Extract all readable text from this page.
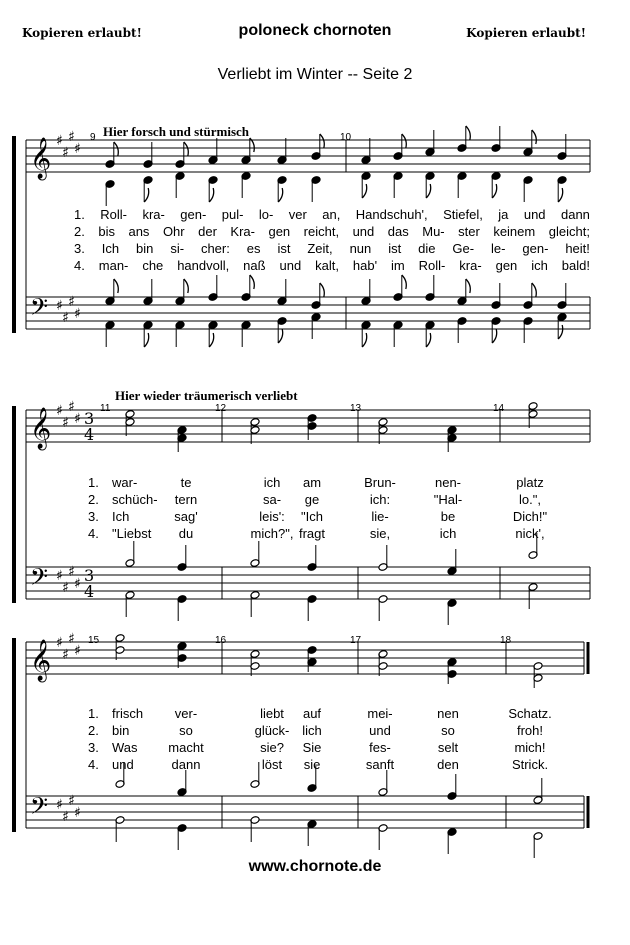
Kopieren erlaubt!	poloneck chornoten	Kopieren erlaubt!
Verliebt im Winter -- Seite 2
𝄞
𝄢
♯
♯
♯
♯
♯
♯
♯
♯
𝄞
𝄢
♯
♯
♯
♯
♯
♯
♯
♯
3
3
4
4
𝄞
𝄢
♯
♯
♯
♯
♯
♯
♯
♯
Hier forsch und stürmisch
9	10
1. Roll- kra- gen- pul- lo- ver an, Handschuh', Stiefel, ja und dann
2. bis ans Ohr der Kra- gen reicht, und das Mu- ster keinem gleicht;
3. Ich bin si- cher: es ist Zeit, nun ist die Ge- le- gen- heit!
4. man- che handvoll, naß und kalt, hab' im Roll- kra- gen ich bald!
Hier wieder träumerisch verliebt
11	12	13	14
1. war-	te	ich am	Brun-	nen-	platz
2. schüch- tern	sa- ge	ich:	"Hal-	lo.",
3. Ich	sag'	leis': "Ich	lie-	be	Dich!"
4. "Liebst du	mich?", fragt	sie,	ich	nick',
15	16	17	18
1. frisch ver-	liebt auf	mei-	nen	Schatz.
2. bin	so	glück- lich	und	so	froh!
3. Was macht	sie? Sie	fes-	selt	mich!
4. und	dann	löst sie	sanft	den	Strick.
www.chornote.de
